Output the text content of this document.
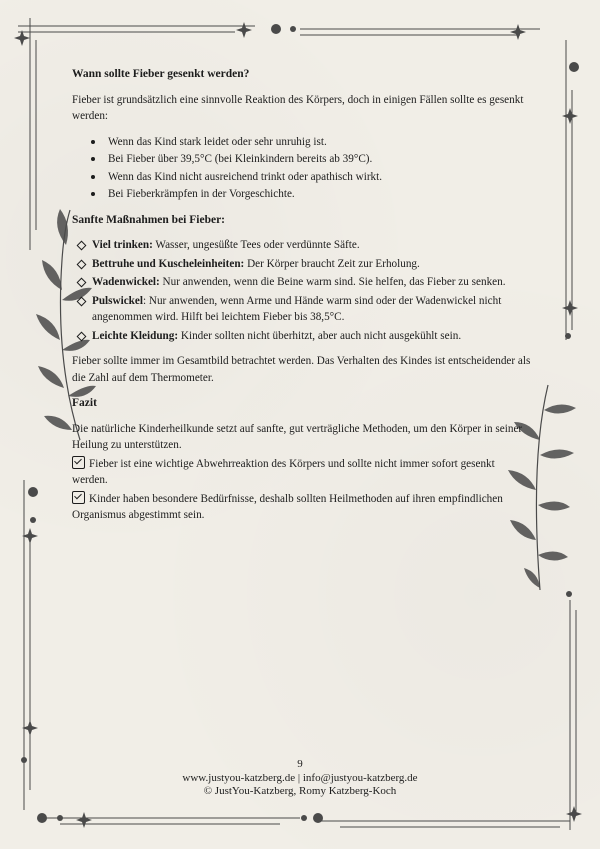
Wann sollte Fieber gesenkt werden?

Fieber ist grundsätzlich eine sinnvolle Reaktion des Körpers, doch in einigen Fällen sollte es gesenkt werden:

Wenn das Kind stark leidet oder sehr unruhig ist.
Bei Fieber über 39,5°C (bei Kleinkindern bereits ab 39°C).
Wenn das Kind nicht ausreichend trinkt oder apathisch wirkt.
Bei Fieberkrämpfen in der Vorgeschichte.
Sanfte Maßnahmen bei Fieber:
Viel trinken: Wasser, ungesüßte Tees oder verdünnte Säfte.
Bettruhe und Kuscheleinheiten: Der Körper braucht Zeit zur Erholung.
Wadenwickel: Nur anwenden, wenn die Beine warm sind. Sie helfen, das Fieber zu senken.
Pulswickel: Nur anwenden, wenn Arme und Hände warm sind oder der Wadenwickel nicht angenommen wird. Hilft bei leichtem Fieber bis 38,5°C.
Leichte Kleidung: Kinder sollten nicht überhitzt, aber auch nicht ausgekühlt sein.

Fieber sollte immer im Gesamtbild betrachtet werden. Das Verhalten des Kindes ist entscheidender als die Zahl auf dem Thermometer.

Fazit

Die natürliche Kinderheilkunde setzt auf sanfte, gut verträgliche Methoden, um den Körper in seiner Heilung zu unterstützen.

Fieber ist eine wichtige Abwehrreaktion des Körpers und sollte nicht immer sofort gesenkt werden.
Kinder haben besondere Bedürfnisse, deshalb sollten Heilmethoden auf ihren empfindlichen Organismus abgestimmt sein.
9
www.justyou-katzberg.de | info@justyou-katzberg.de
© JustYou-Katzberg, Romy Katzberg-Koch
